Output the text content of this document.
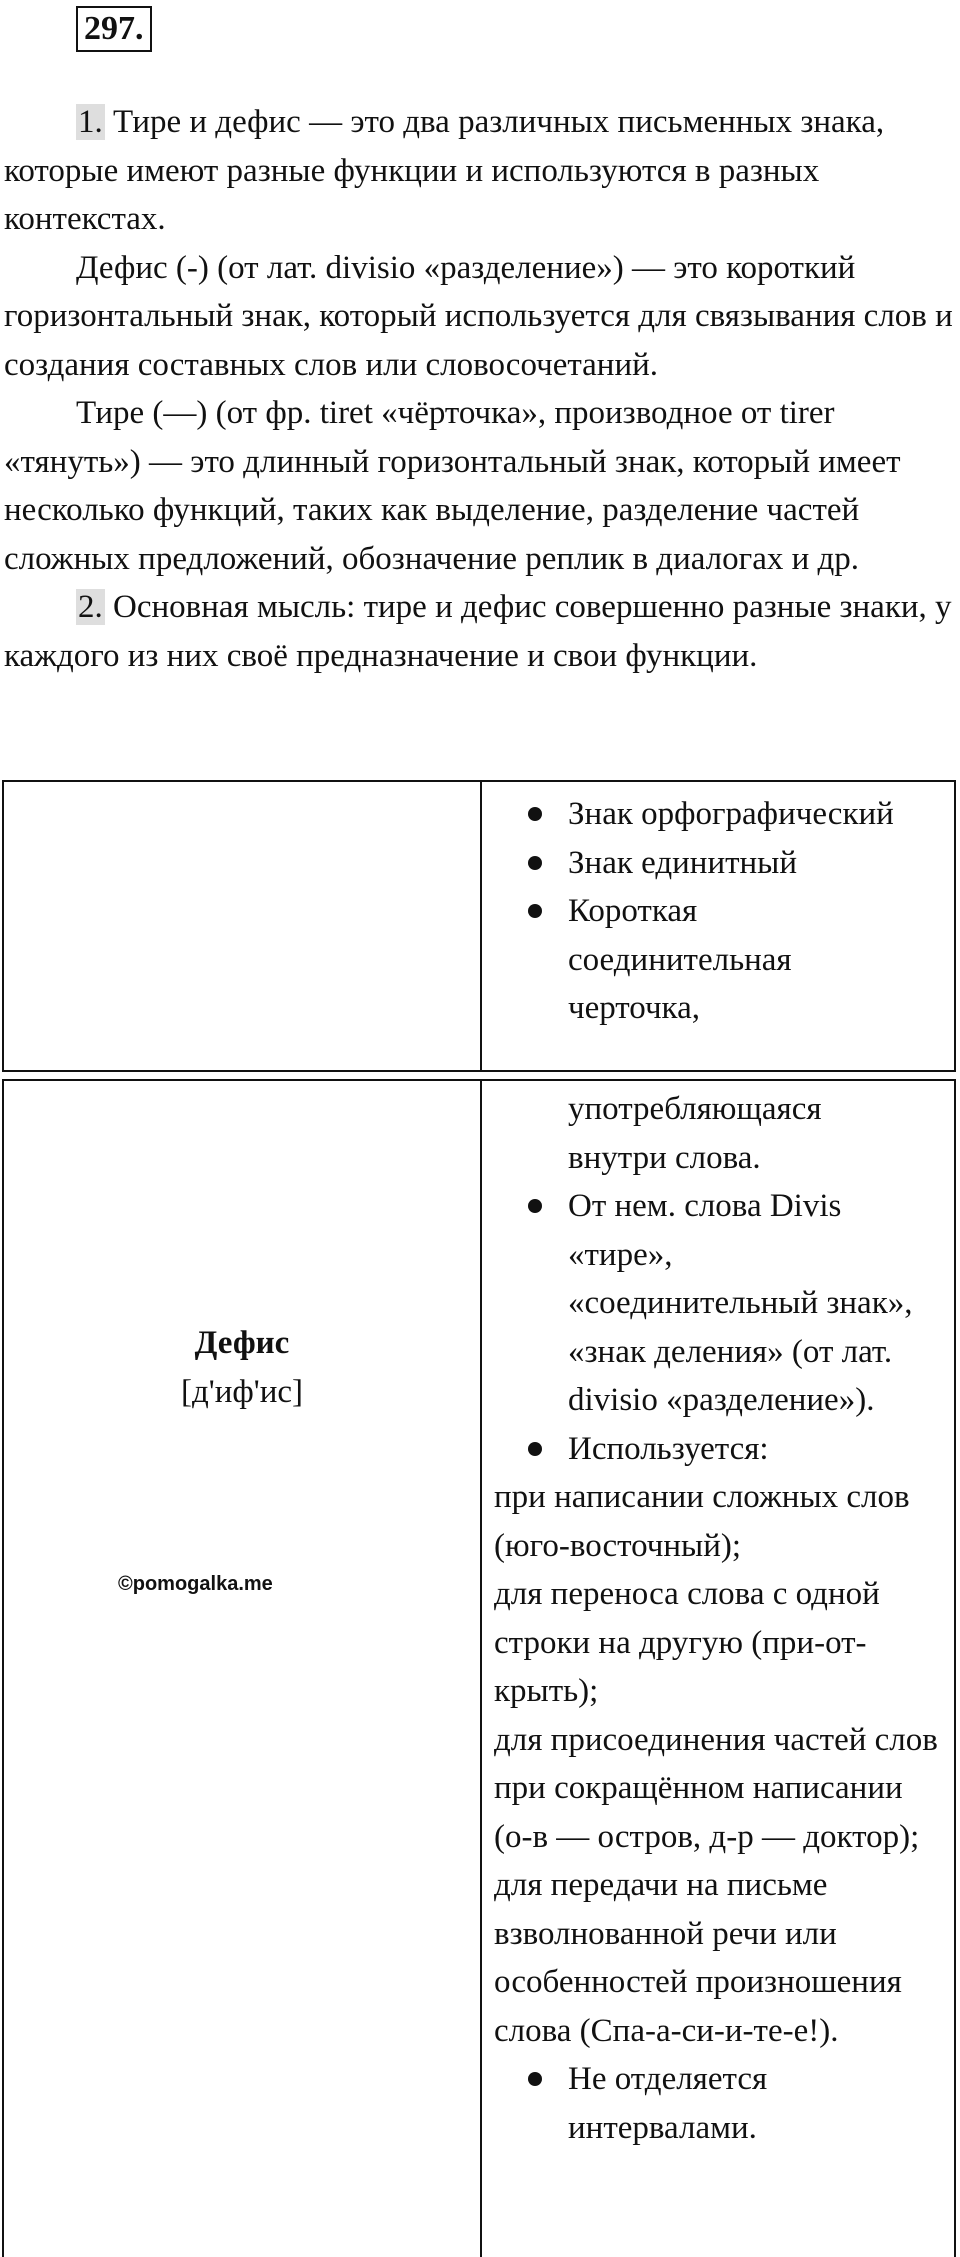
297.

1. Тире и дефис — это два различных письменных знака, которые имеют разные функции и используются в разных контекстах.

Дефис (-) (от лат. divisio «разделение») — это короткий горизонтальный знак, который используется для связывания слов и создания составных слов или словосочетаний.

Тире (—) (от фр. tiret «чёрточка», производное от tirer «тянуть») — это длинный горизонтальный знак, который имеет несколько функций, таких как выделение, разделение частей сложных предложений, обозначение реплик в диалогах и др.

2. Основная мысль: тире и дефис совершенно разные знаки, у каждого из них своё предназначение и свои функции.

Знак орфографический
Знак единитный
Короткая соединительная черточка,
Дефис
[д'иф'ис]
©pomogalka.me
употребляющаяся внутри слова.
От нем. слова Divis «тире», «соединительный знак», «знак деления» (от лат. divisio «разделение»).
Используется:
при написании сложных слов (юго-восточный);
для переноса слова с одной строки на другую (при-от-крыть);
для присоединения частей слов при сокращённом написании (о-в — остров, д-р — доктор);
для передачи на письме взволнованной речи или особенностей произношения слова (Спа-а-си-и-те-е!).
Не отделяется интервалами.
